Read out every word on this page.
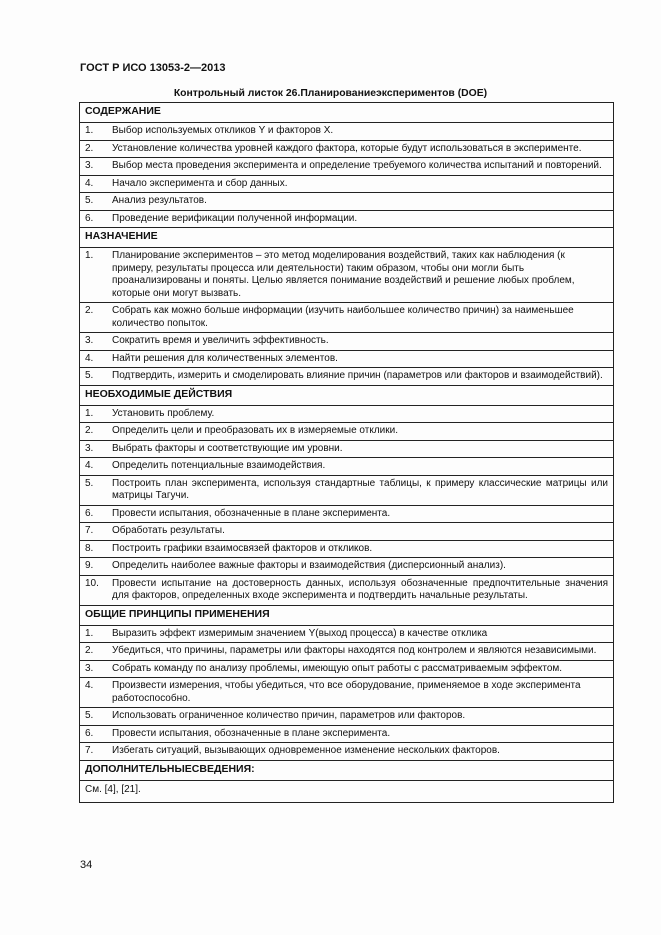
ГОСТ Р ИСО 13053-2—2013
Контрольный листок 26.Планированиеэкспериментов (DOE)
СОДЕРЖАНИЕ
1. Выбор используемых откликов Y и факторов X.
2. Установление количества уровней каждого фактора, которые будут использоваться в эксперименте.
3. Выбор места проведения эксперимента и определение требуемого количества испытаний и повторений.
4. Начало эксперимента и сбор данных.
5. Анализ результатов.
6. Проведение верификации полученной информации.
НАЗНАЧЕНИЕ
1. Планирование экспериментов – это метод моделирования воздействий, таких как наблюдения (к примеру, результаты процесса или деятельности) таким образом, чтобы они могли быть проанализированы и поняты. Целью является понимание воздействий и решение любых проблем, которые они могут вызвать.
2. Собрать как можно больше информации (изучить наибольшее количество причин) за наименьшее количество попыток.
3. Сократить время и увеличить эффективность.
4. Найти решения для количественных элементов.
5. Подтвердить, измерить и смоделировать влияние причин (параметров или факторов и взаимодействий).
НЕОБХОДИМЫЕ ДЕЙСТВИЯ
1. Установить проблему.
2. Определить цели и преобразовать их в измеряемые отклики.
3. Выбрать факторы и соответствующие им уровни.
4. Определить потенциальные взаимодействия.
5. Построить план эксперимента, используя стандартные таблицы, к примеру классические матрицы или матрицы Тагучи.
6. Провести испытания, обозначенные в плане эксперимента.
7. Обработать результаты.
8. Построить графики взаимосвязей факторов и откликов.
9. Определить наиболее важные факторы и взаимодействия (дисперсионный анализ).
10. Провести испытание на достоверность данных, используя обозначенные предпочтительные значения для факторов, определенных входе эксперимента и подтвердить начальные результаты.
ОБЩИЕ ПРИНЦИПЫ ПРИМЕНЕНИЯ
1. Выразить эффект измеримым значением Y(выход процесса) в качестве отклика
2. Убедиться, что причины, параметры или факторы находятся под контролем и являются независимыми.
3. Собрать команду по анализу проблемы, имеющую опыт работы с рассматриваемым эффектом.
4. Произвести измерения, чтобы убедиться, что все оборудование, применяемое в ходе эксперимента работоспособно.
5. Использовать ограниченное количество причин, параметров или факторов.
6. Провести испытания, обозначенные в плане эксперимента.
7. Избегать ситуаций, вызывающих одновременное изменение нескольких факторов.
ДОПОЛНИТЕЛЬНЫЕСВЕДЕНИЯ:
См. [4], [21].
34
